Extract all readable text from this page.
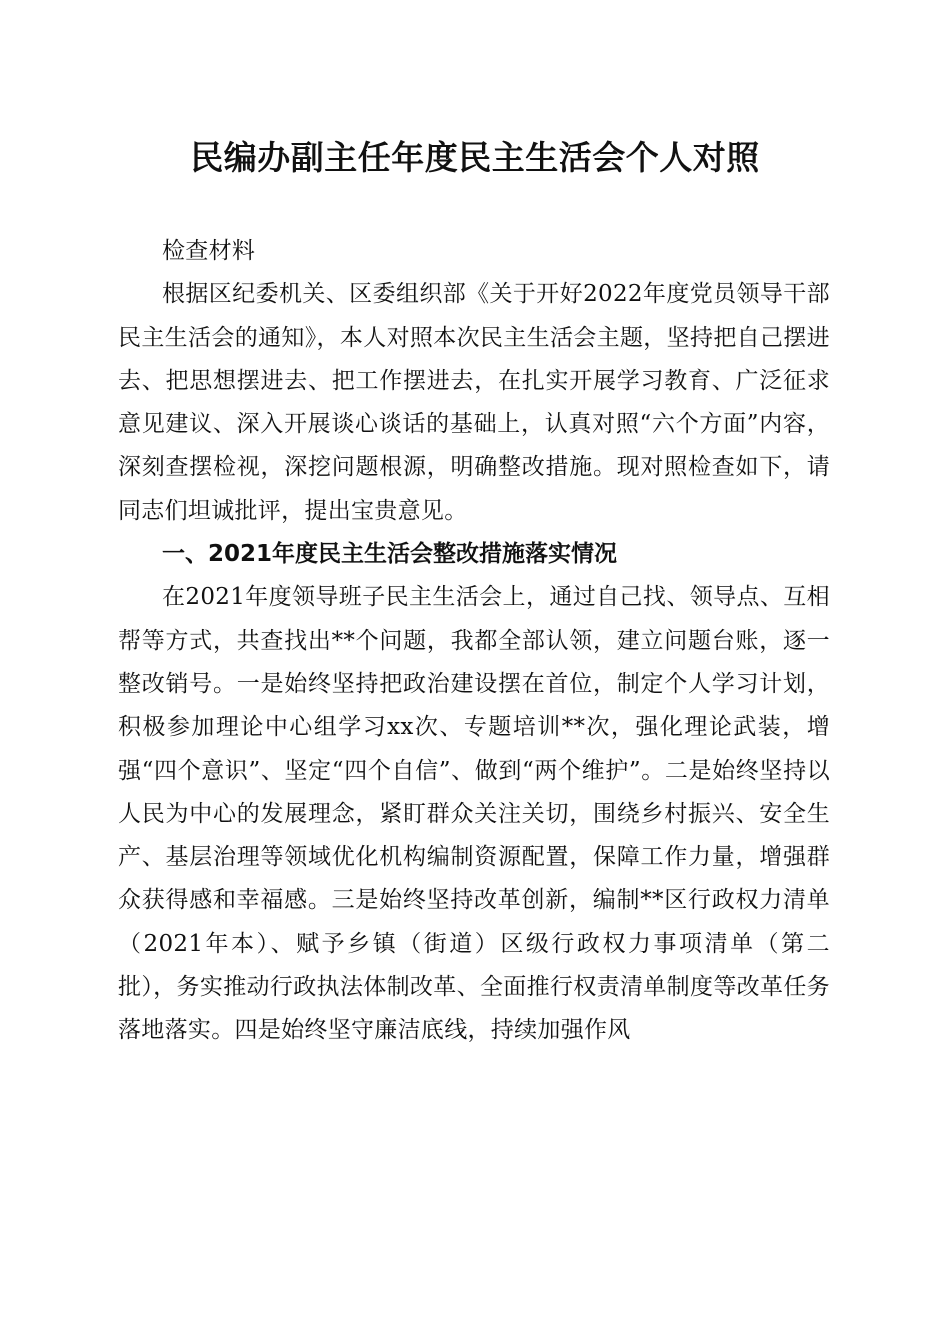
民编办副主任年度民主生活会个人对照

检查材料

根据区纪委机关、区委组织部《关于开好2022年度党员领导干部民主生活会的通知》，本人对照本次民主生活会主题，坚持把自己摆进去、把思想摆进去、把工作摆进去，在扎实开展学习教育、广泛征求意见建议、深入开展谈心谈话的基础上，认真对照“六个方面”内容，深刻查摆检视，深挖问题根源，明确整改措施。现对照检查如下，请同志们坦诚批评，提出宝贵意见。

一、2021年度民主生活会整改措施落实情况

在2021年度领导班子民主生活会上，通过自己找、领导点、互相帮等方式，共查找出**个问题，我都全部认领，建立问题台账，逐一整改销号。一是始终坚持把政治建设摆在首位，制定个人学习计划，积极参加理论中心组学习xx次、专题培训**次，强化理论武装，增强“四个意识”、坚定“四个自信”、做到“两个维护”。二是始终坚持以人民为中心的发展理念，紧盯群众关注关切，围绕乡村振兴、安全生产、基层治理等领域优化机构编制资源配置，保障工作力量，增强群众获得感和幸福感。三是始终坚持改革创新，编制**区行政权力清单（2021年本）、赋予乡镇（街道）区级行政权力事项清单（第二批），务实推动行政执法体制改革、全面推行权责清单制度等改革任务落地落实。四是始终坚守廉洁底线，持续加强作风
